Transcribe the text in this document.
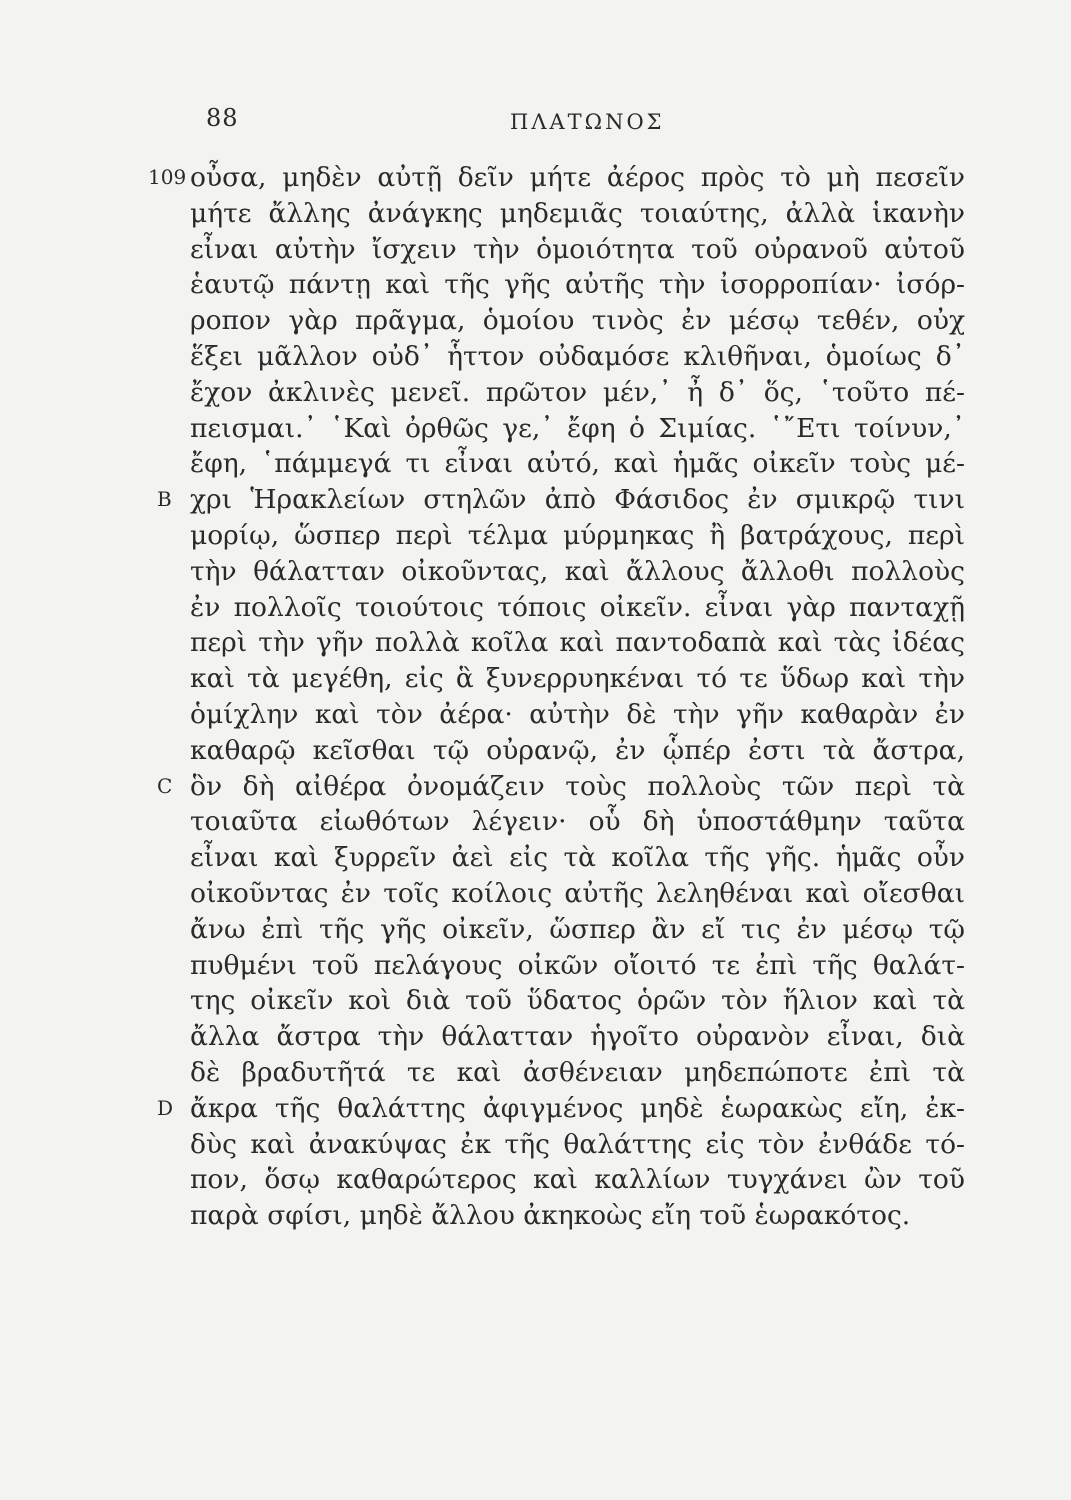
88	ΠΛΑΤΩΝΟΣ
109 οὖσα, μηδὲν αὐτῇ δεῖν μήτε ἀέρος πρὸς τὸ μὴ πεσεῖν
μήτε ἄλλης ἀνάγκης μηδεμιᾶς τοιαύτης, ἀλλὰ ἱκανὴν
εἶναι αὐτὴν ἴσχειν τὴν ὁμοιότητα τοῦ οὐρανοῦ αὐτοῦ
ἑαυτῷ πάντῃ καὶ τῆς γῆς αὐτῆς τὴν ἰσορροπίαν· ἰσόρ-
ροπον γὰρ πρᾶγμα, ὁμοίου τινὸς ἐν μέσῳ τεθέν, οὐχ
ἕξει μᾶλλον οὐδ᾽ ἧττον οὐδαμόσε κλιθῆναι, ὁμοίως δ᾽
ἔχον ἀκλινὲς μενεῖ. πρῶτον μέν,᾽ ἦ δ᾽ ὅς, ῾τοῦτο πέ-
πεισμαι.᾽ ῾Καὶ ὀρθῶς γε,᾽ ἔφη ὁ Σιμίας. ῾῎Ετι τοίνυν,᾽
ἔφη, ῾πάμμεγά τι εἶναι αὐτό, καὶ ἡμᾶς οἰκεῖν τοὺς μέ-
B χρι Ἡρακλείων στηλῶν ἀπὸ Φάσιδος ἐν σμικρῷ τινι
μορίῳ, ὥσπερ περὶ τέλμα μύρμηκας ἢ βατράχους, περὶ
τὴν θάλατταν οἰκοῦντας, καὶ ἄλλους ἄλλοθι πολλοὺς
ἐν πολλοῖς τοιούτοις τόποις οἰκεῖν. εἶναι γὰρ πανταχῇ
περὶ τὴν γῆν πολλὰ κοῖλα καὶ παντοδαπὰ καὶ τὰς ἰδέας
καὶ τὰ μεγέθη, εἰς ἃ ξυνερρυηκέναι τό τε ὕδωρ καὶ τὴν
ὁμίχλην καὶ τὸν ἀέρα· αὐτὴν δὲ τὴν γῆν καθαρὰν ἐν
καθαρῷ κεῖσθαι τῷ οὐρανῷ, ἐν ᾧπέρ ἐστι τὰ ἄστρα,
C ὃν δὴ αἰθέρα ὀνομάζειν τοὺς πολλοὺς τῶν περὶ τὰ
τοιαῦτα εἰωθότων λέγειν· οὗ δὴ ὑποστάθμην ταῦτα
εἶναι καὶ ξυρρεῖν ἀεὶ εἰς τὰ κοῖλα τῆς γῆς. ἡμᾶς οὖν
οἰκοῦντας ἐν τοῖς κοίλοις αὐτῆς λεληθέναι καὶ οἴεσθαι
ἄνω ἐπὶ τῆς γῆς οἰκεῖν, ὥσπερ ἂν εἴ τις ἐν μέσῳ τῷ
πυθμένι τοῦ πελάγους οἰκῶν οἴοιτό τε ἐπὶ τῆς θαλάτ-
της οἰκεῖν κοὶ διὰ τοῦ ὕδατος ὁρῶν τὸν ἥλιον καὶ τὰ
ἄλλα ἄστρα τὴν θάλατταν ἡγοῖτο οὐρανὸν εἶναι, διὰ
δὲ βραδυτῆτά τε καὶ ἀσθένειαν μηδεπώποτε ἐπὶ τὰ
D ἄκρα τῆς θαλάττης ἀφιγμένος μηδὲ ἑωρακὼς εἴη, ἐκ-
δὺς καὶ ἀνακύψας ἐκ τῆς θαλάττης εἰς τὸν ἐνθάδε τό-
πον, ὅσῳ καθαρώτερος καὶ καλλίων τυγχάνει ὢν τοῦ
παρὰ σφίσι, μηδὲ ἄλλου ἀκηκοὼς εἴη τοῦ ἑωρακότος.
